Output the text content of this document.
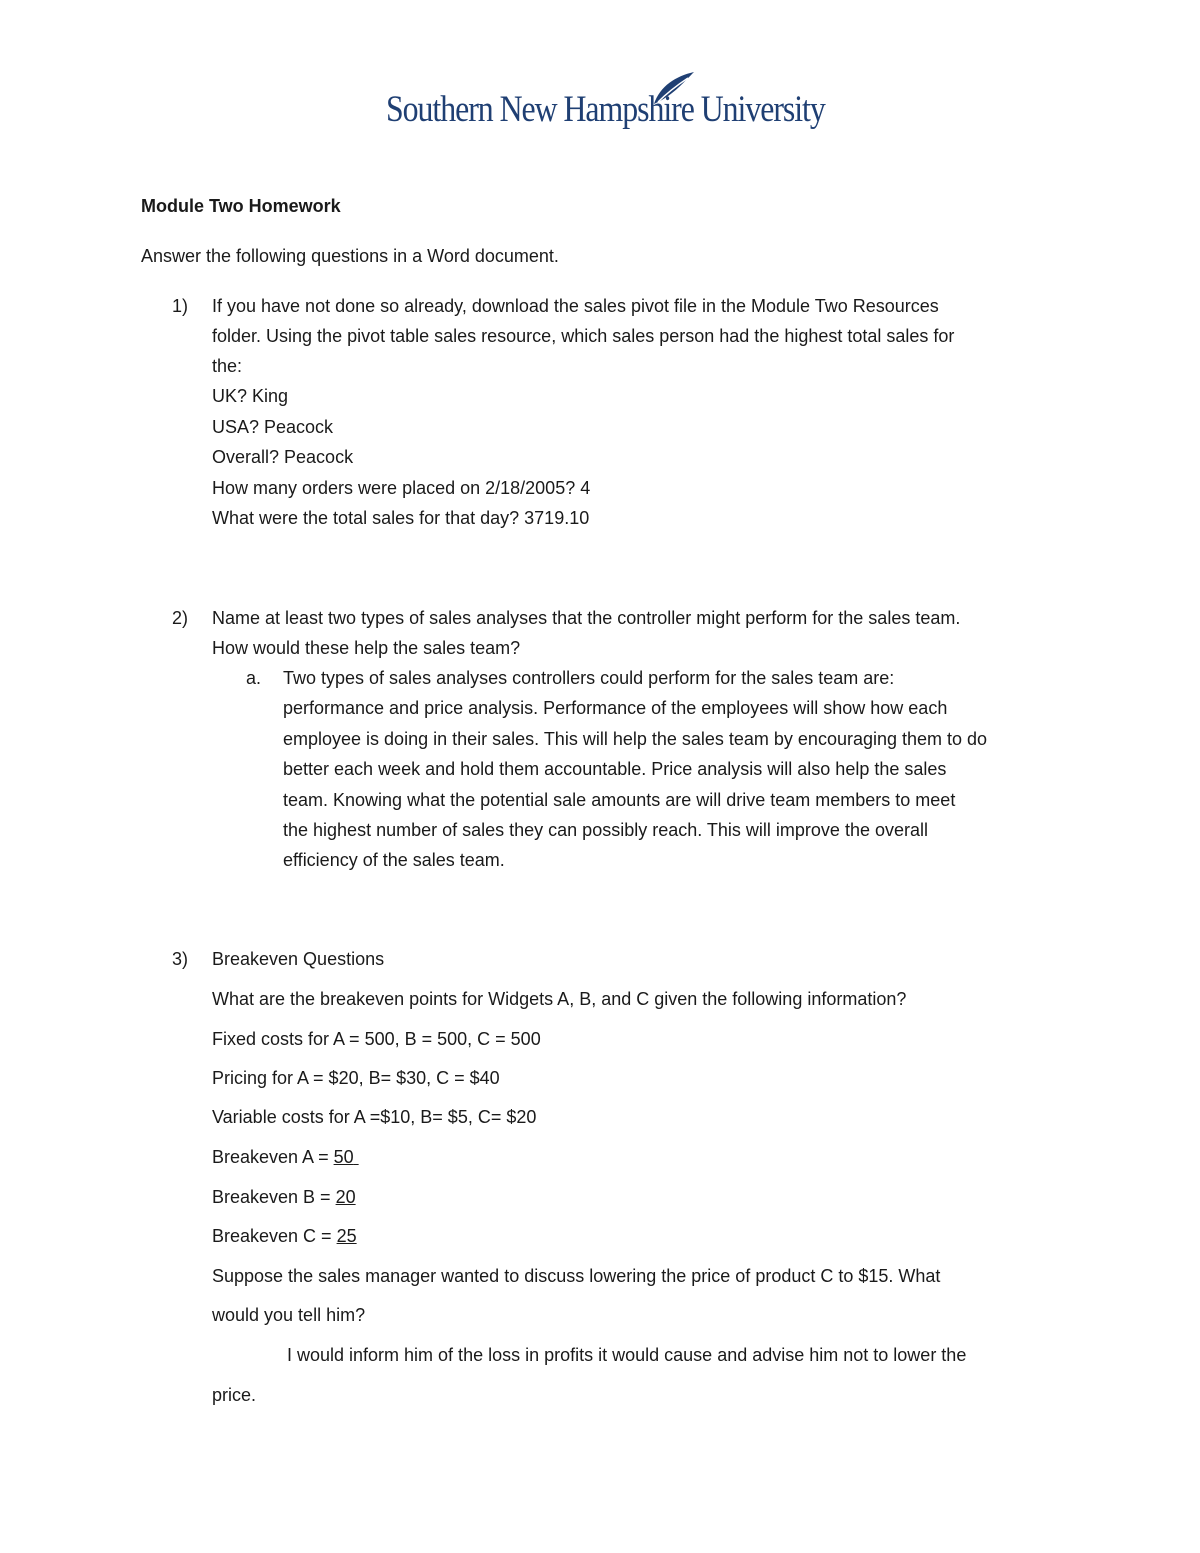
Southern New Hampshire University
Module Two Homework
Answer the following questions in a Word document.
1) If you have not done so already, download the sales pivot file in the Module Two Resources
folder. Using the pivot table sales resource, which sales person had the highest total sales for
the:
UK? King
USA? Peacock
Overall? Peacock
How many orders were placed on 2/18/2005? 4
What were the total sales for that day? 3719.10
2) Name at least two types of sales analyses that the controller might perform for the sales team.
How would these help the sales team?
a. Two types of sales analyses controllers could perform for the sales team are:
performance and price analysis. Performance of the employees will show how each
employee is doing in their sales. This will help the sales team by encouraging them to do
better each week and hold them accountable. Price analysis will also help the sales
team. Knowing what the potential sale amounts are will drive team members to meet
the highest number of sales they can possibly reach. This will improve the overall
efficiency of the sales team.
3) Breakeven Questions
What are the breakeven points for Widgets A, B, and C given the following information?
Fixed costs for A = 500, B = 500, C = 500
Pricing for A = $20, B= $30, C = $40
Variable costs for A =$10, B= $5, C= $20
Breakeven A = 50
Breakeven B = 20
Breakeven C = 25
Suppose the sales manager wanted to discuss lowering the price of product C to $15. What
would you tell him?
I would inform him of the loss in profits it would cause and advise him not to lower the
price.
